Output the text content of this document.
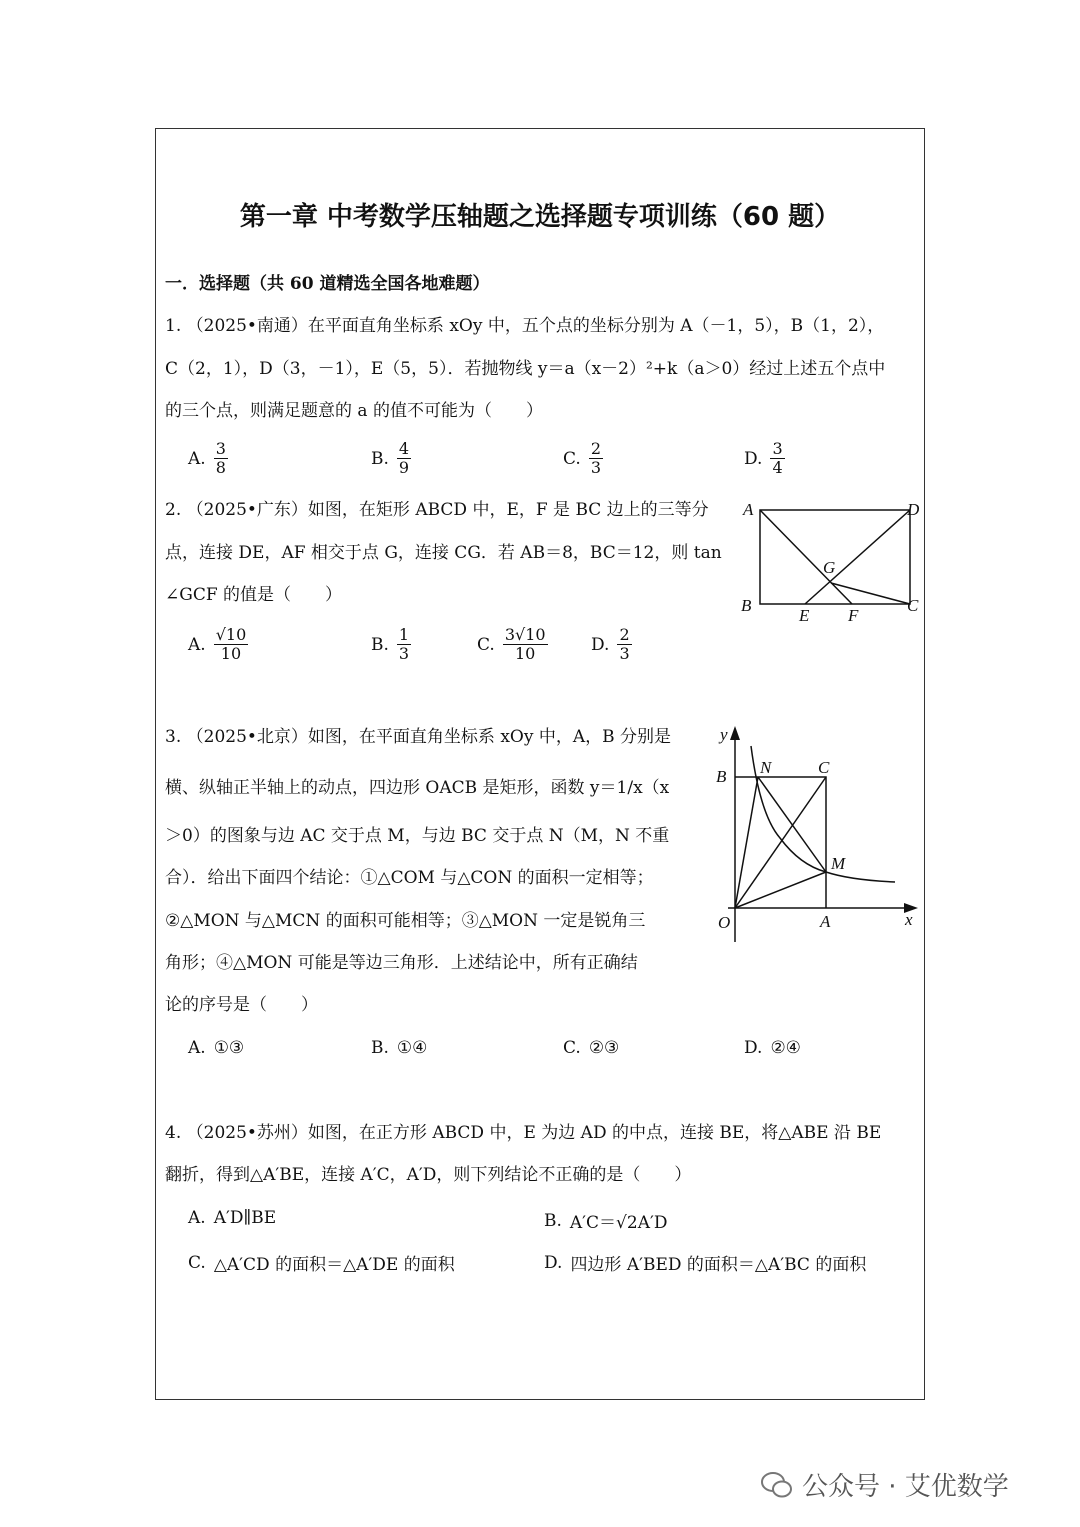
第一章 中考数学压轴题之选择题专项训练（60 题）
一．选择题（共 60 道精选全国各地难题）
1. （2025•南通）在平面直角坐标系 xOy 中，五个点的坐标分别为 A（－1，5），B（1，2），
C（2，1），D（3，－1），E（5，5）．若抛物线 y＝a（x－2）²+k（a＞0）经过上述五个点中
的三个点，则满足题意的 a 的值不可能为（　　）
A. $\frac{3}{8}$	B. $\frac{4}{9}$	C. $\frac{2}{3}$	D. $\frac{3}{4}$
2. （2025•广东）如图，在矩形 ABCD 中，E，F 是 BC 边上的三等分
点，连接 DE，AF 相交于点 G，连接 CG．若 AB＝8，BC＝12，则 tan
∠GCF 的值是（　　）
A. $\frac{√10}{10}$	B. $\frac{1}{3}$	C. $\frac{3√10}{10}$	D. $\frac{2}{3}$
A	D
B	C
E F
G
3. （2025•北京）如图，在平面直角坐标系 xOy 中，A，B 分别是
横、纵轴正半轴上的动点，四边形 OACB 是矩形，函数 y＝1/x（x
＞0）的图象与边 AC 交于点 M，与边 BC 交于点 N（M，N 不重
合）．给出下面四个结论：①△COM 与△CON 的面积一定相等；
②△MON 与△MCN 的面积可能相等；③△MON 一定是锐角三
角形；④△MON 可能是等边三角形．上述结论中，所有正确结
论的序号是（　　）
A. ①③	B. ①④	C. ②③	D. ②④
y
x
O	A
B	C
N
M
4. （2025•苏州）如图，在正方形 ABCD 中，E 为边 AD 的中点，连接 BE，将△ABE 沿 BE
翻折，得到△A′BE，连接 A′C，A′D，则下列结论不正确的是（　　）
A. A′D∥BE	B. A′C＝√2A′D
C. △A′CD 的面积＝△A′DE 的面积	D. 四边形 A′BED 的面积＝△A′BC 的面积
公众号 · 艾优数学
